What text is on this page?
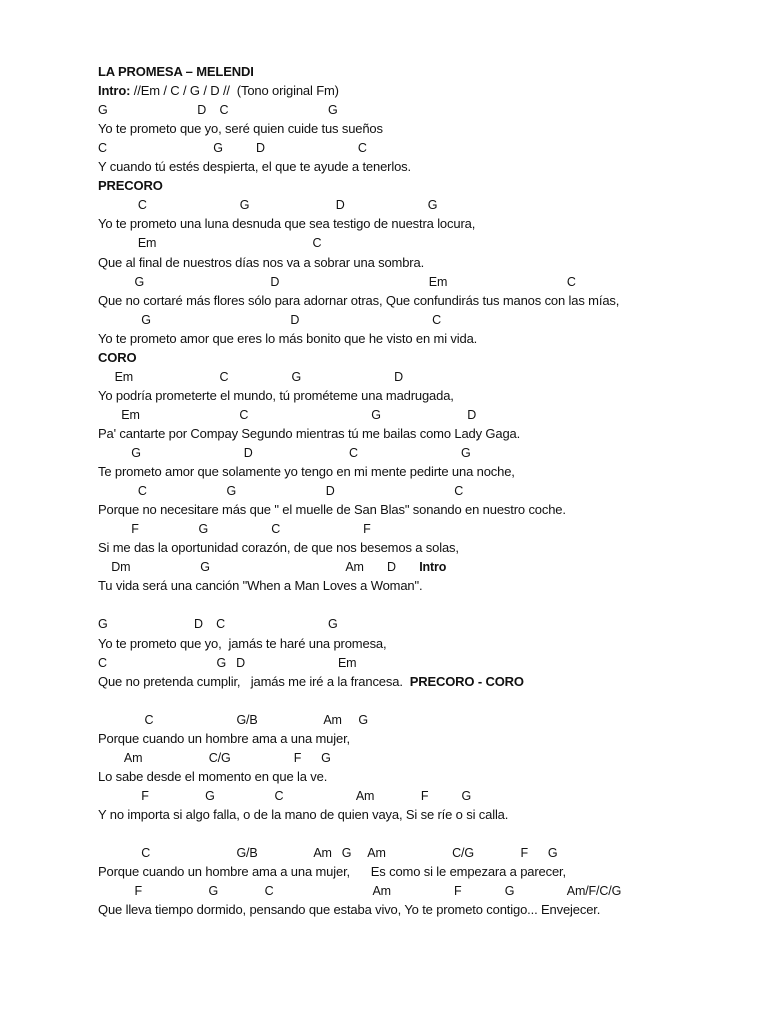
LA PROMESA – MELENDI
Intro: //Em / C / G / D //  (Tono original Fm)
G                           D    C                              G
Yo te prometo que yo, seré quien cuide tus sueños
C                                G          D                            C
Y cuando tú estés despierta, el que te ayude a tenerlos.
PRECORO
C                            G                          D                         G
Yo te prometo una luna desnuda que sea testigo de nuestra locura,
Em                                               C
Que al final de nuestros días nos va a sobrar una sombra.
G                                      D                                             Em                                    C
Que no cortaré más flores sólo para adornar otras, Que confundirás tus manos con las mías,
G                                          D                                        C
Yo te prometo amor que eres lo más bonito que he visto en mi vida.
CORO
Em                          C                   G                            D
Yo podría prometerte el mundo, tú prométeme una madrugada,
Em                              C                                     G                          D
Pa' cantarte por Compay Segundo mientras tú me bailas como Lady Gaga.
G                               D                             C                               G
Te prometo amor que solamente yo tengo en mi mente pedirte una noche,
C                        G                           D                                    C
Porque no necesitare más que " el muelle de San Blas" sonando en nuestro coche.
F                  G                   C                         F
Si me das la oportunidad corazón, de que nos besemos a solas,
Dm                     G                                         Am       D       Intro
Tu vida será una canción "When a Man Loves a Woman".
G                          D    C                               G
Yo te prometo que yo,  jamás te haré una promesa,
C                                 G   D                            Em
Que no pretenda cumplir,   jamás me iré a la francesa.  PRECORO - CORO
C                         G/B                    Am     G
Porque cuando un hombre ama a una mujer,
Am                    C/G                   F      G
Lo sabe desde el momento en que la ve.
F                 G                  C                      Am              F          G
Y no importa si algo falla, o de la mano de quien vaya, Si se ríe o si calla.
C                          G/B                 Am   G     Am                    C/G              F      G
Porque cuando un hombre ama a una mujer,      Es como si le empezara a parecer,
F                    G              C                              Am                   F             G                Am/F/C/G
Que lleva tiempo dormido, pensando que estaba vivo, Yo te prometo contigo... Envejecer.
